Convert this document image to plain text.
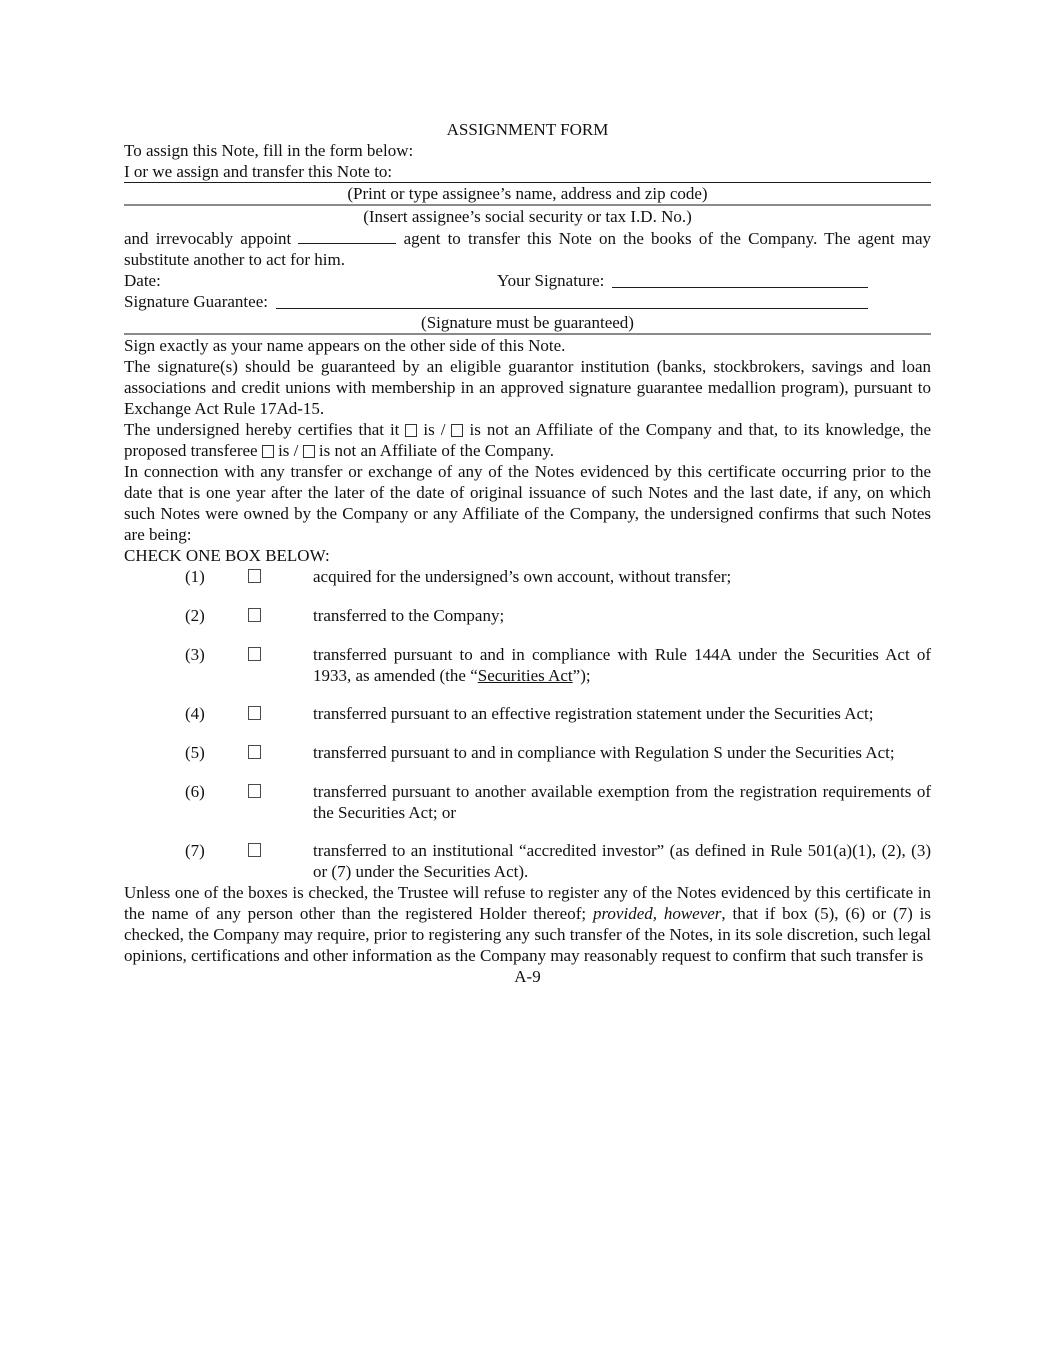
ASSIGNMENT FORM

To assign this Note, fill in the form below:

I or we assign and transfer this Note to:

(Print or type assignee’s name, address and zip code)
(Insert assignee’s social security or tax I.D. No.)

and irrevocably appoint	agent to transfer this Note on the books of the Company. The agent may substitute another to act for him.

Date:	Your Signature:
Signature Guarantee:
(Signature must be guaranteed)

Sign exactly as your name appears on the other side of this Note.

The signature(s) should be guaranteed by an eligible guarantor institution (banks, stockbrokers, savings and loan associations and credit unions with membership in an approved signature guarantee medallion program), pursuant to Exchange Act Rule 17Ad-15.

The undersigned hereby certifies that it is / is not an Affiliate of the Company and that, to its knowledge, the proposed transferee is / is not an Affiliate of the Company.

In connection with any transfer or exchange of any of the Notes evidenced by this certificate occurring prior to the date that is one year after the later of the date of original issuance of such Notes and the last date, if any, on which such Notes were owned by the Company or any Affiliate of the Company, the undersigned confirms that such Notes are being:

CHECK ONE BOX BELOW:

(1)	acquired for the undersigned’s own account, without transfer;
(2)	transferred to the Company;
(3)	transferred pursuant to and in compliance with Rule 144A under the Securities Act of 1933, as amended (the “Securities Act”);
(4)	transferred pursuant to an effective registration statement under the Securities Act;
(5)	transferred pursuant to and in compliance with Regulation S under the Securities Act;
(6)	transferred pursuant to another available exemption from the registration requirements of the Securities Act; or
(7)	transferred to an institutional “accredited investor” (as defined in Rule 501(a)(1), (2), (3) or (7) under the Securities Act).

Unless one of the boxes is checked, the Trustee will refuse to register any of the Notes evidenced by this certificate in the name of any person other than the registered Holder thereof; provided, however, that if box (5), (6) or (7) is checked, the Company may require, prior to registering any such transfer of the Notes, in its sole discretion, such legal opinions, certifications and other information as the Company may reasonably request to confirm that such transfer is

A-9
